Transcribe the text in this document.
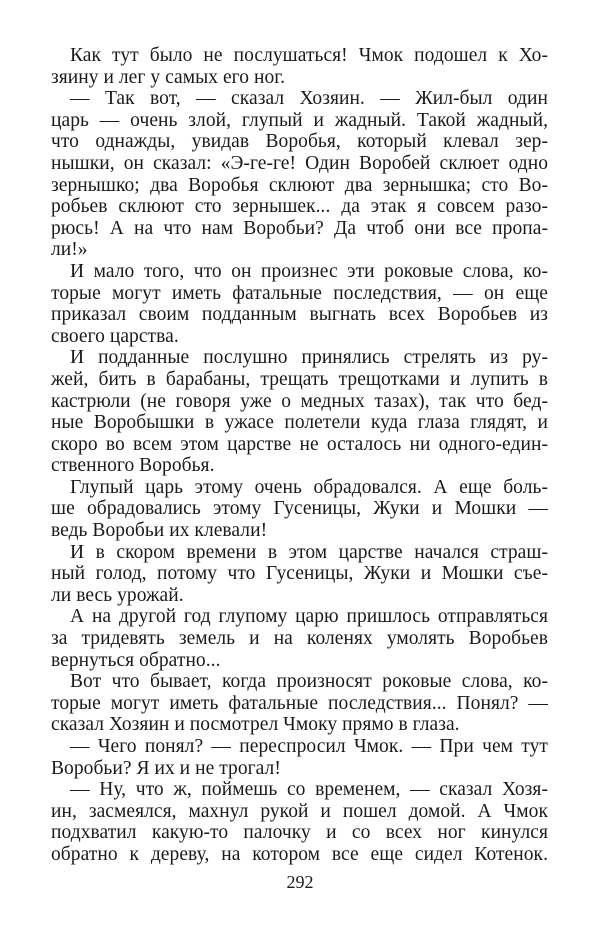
Как тут было не послушаться! Чмок подошел к Хо-
зяину и лег у самых его ног.
— Так вот, — сказал Хозяин. — Жил-был один
царь — очень злой, глупый и жадный. Такой жадный,
что однажды, увидав Воробья, который клевал зер-
нышки, он сказал: «Э-ге-ге! Один Воробей склюет одно
зернышко; два Воробья склюют два зернышка; сто Во-
робьев склюют сто зернышек... да этак я совсем разо-
рюсь! А на что нам Воробьи? Да чтоб они все пропа-
ли!»
И мало того, что он произнес эти роковые слова, ко-
торые могут иметь фатальные последствия, — он еще
приказал своим подданным выгнать всех Воробьев из
своего царства.
И подданные послушно принялись стрелять из ру-
жей, бить в барабаны, трещать трещотками и лупить в
кастрюли (не говоря уже о медных тазах), так что бед-
ные Воробышки в ужасе полетели куда глаза глядят, и
скоро во всем этом царстве не осталось ни одного-един-
ственного Воробья.
Глупый царь этому очень обрадовался. А еще боль-
ше обрадовались этому Гусеницы, Жуки и Мошки —
ведь Воробьи их клевали!
И в скором времени в этом царстве начался страш-
ный голод, потому что Гусеницы, Жуки и Мошки съе-
ли весь урожай.
А на другой год глупому царю пришлось отправляться
за тридевять земель и на коленях умолять Воробьев
вернуться обратно...
Вот что бывает, когда произносят роковые слова, ко-
торые могут иметь фатальные последствия... Понял? —
сказал Хозяин и посмотрел Чмоку прямо в глаза.
— Чего понял? — переспросил Чмок. — При чем тут
Воробьи? Я их и не трогал!
— Ну, что ж, поймешь со временем, — сказал Хозя-
ин, засмеялся, махнул рукой и пошел домой. А Чмок
подхватил какую-то палочку и со всех ног кинулся
обратно к дереву, на котором все еще сидел Котенок.
292
